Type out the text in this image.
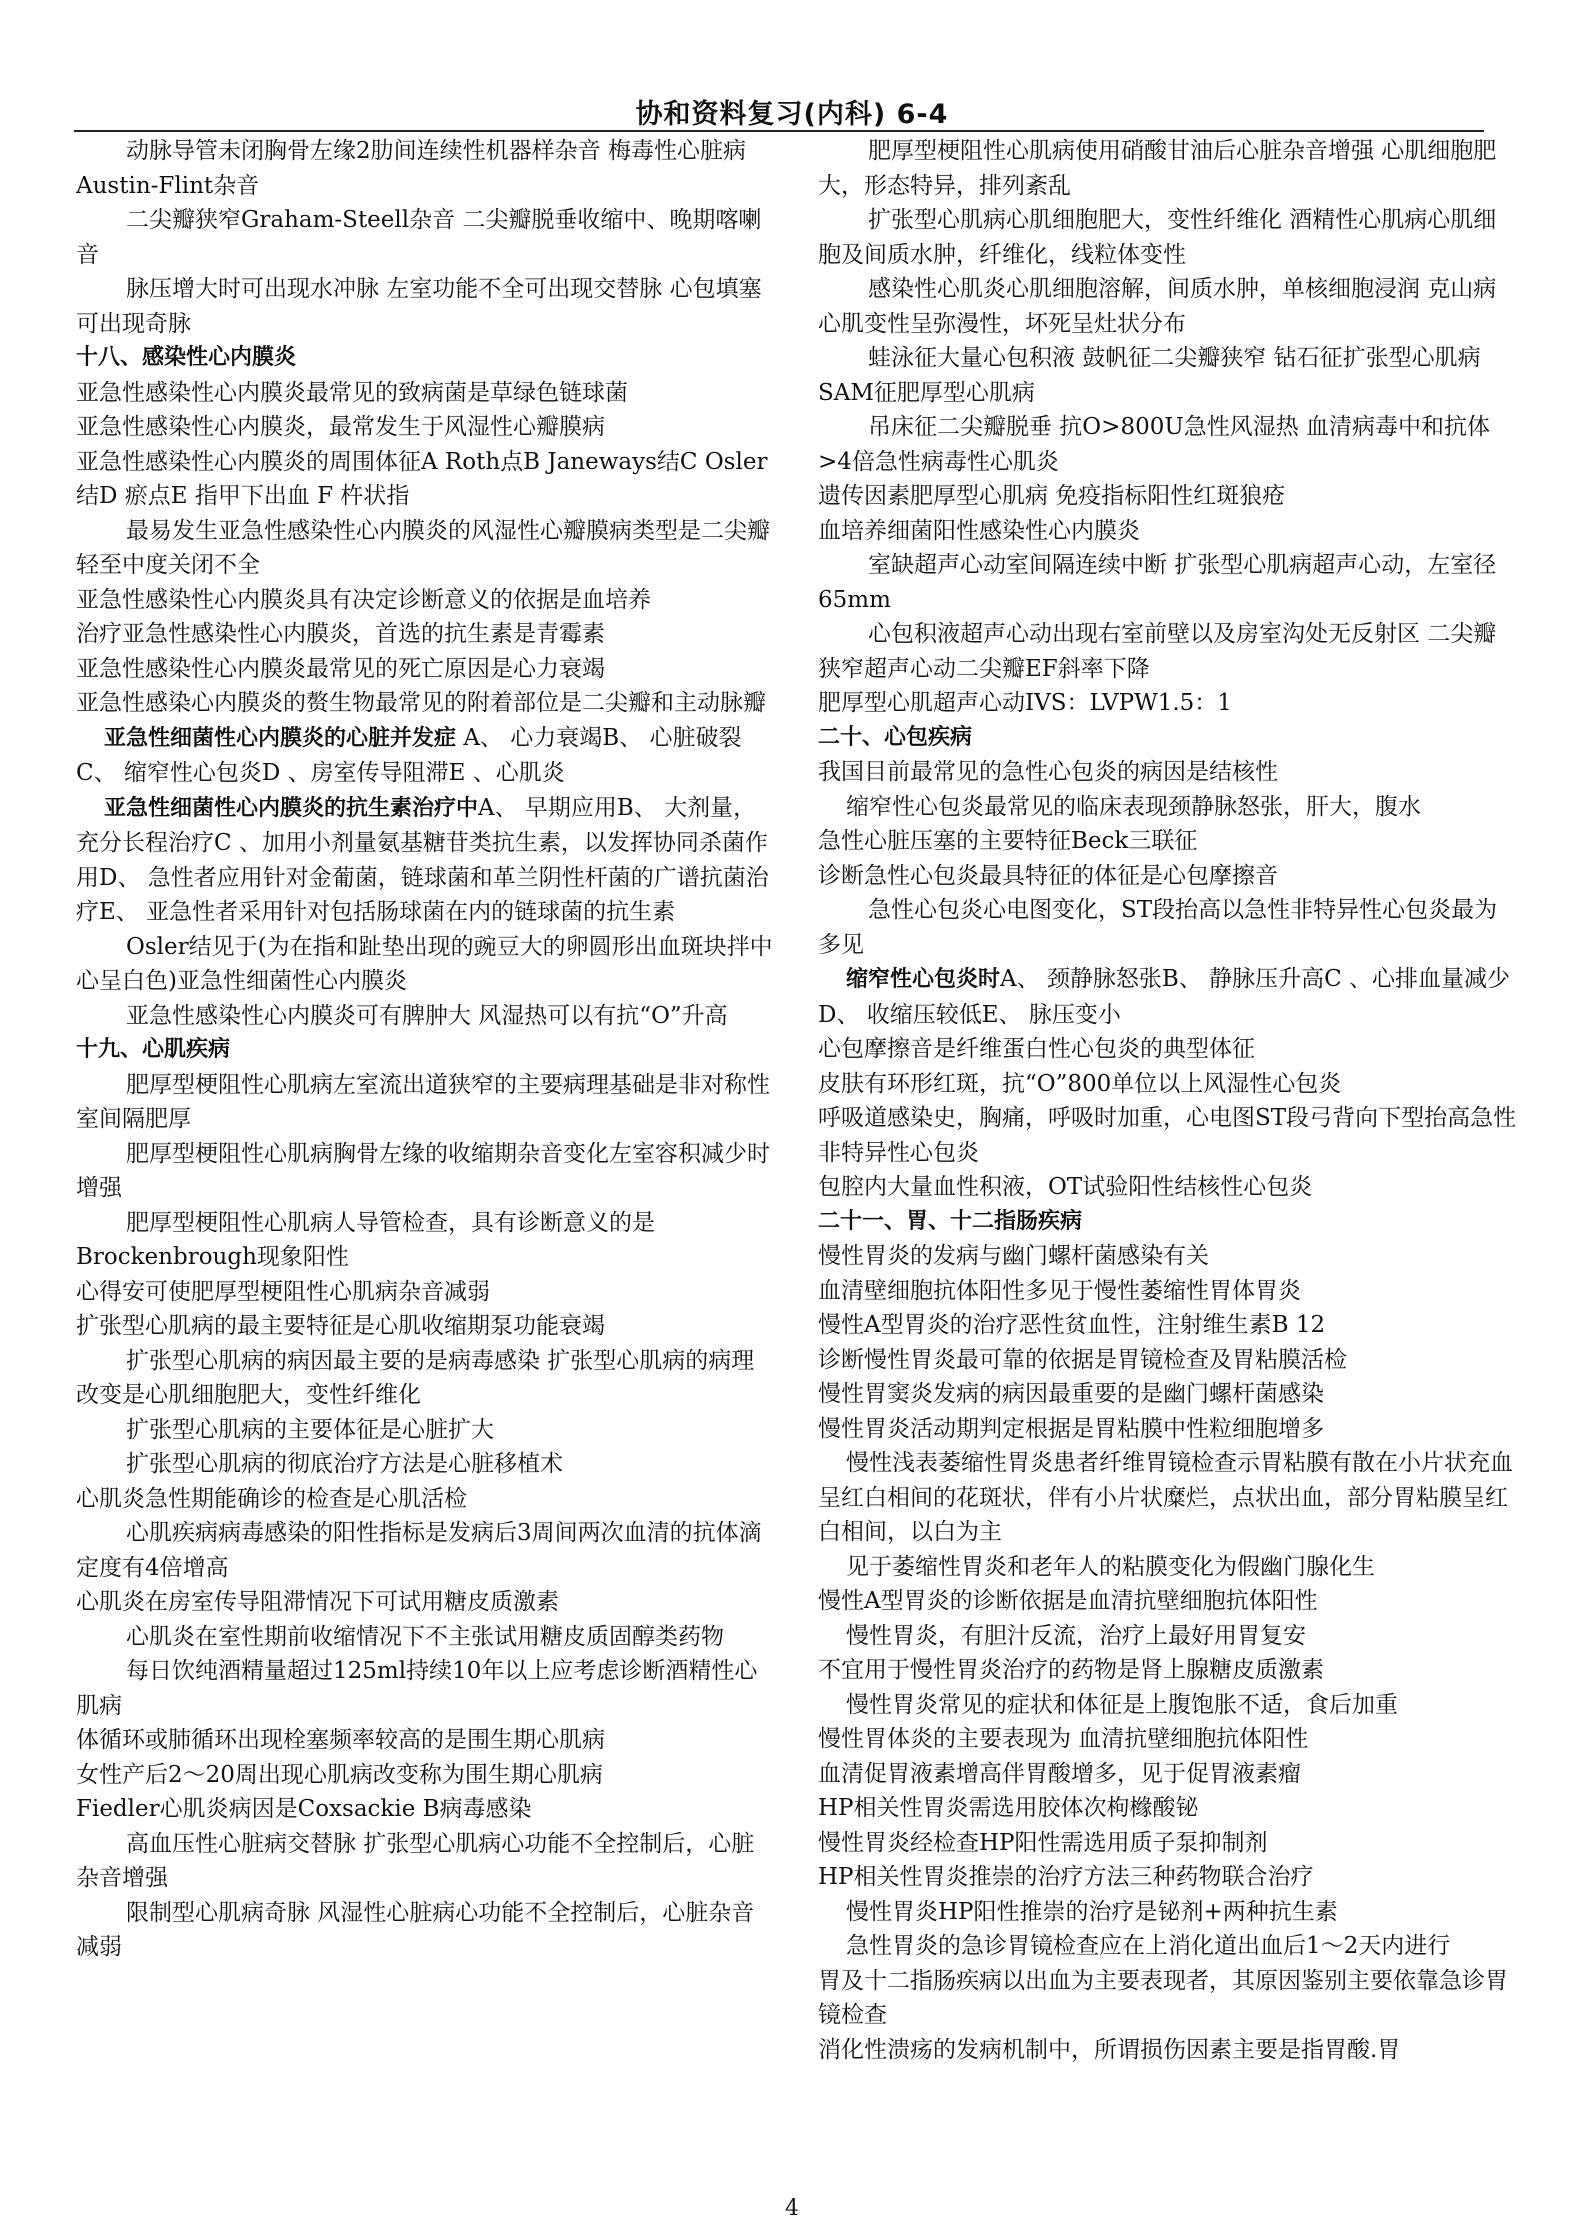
协和资料复习(内科) 6-4

动脉导管未闭胸骨左缘2肋间连续性机器样杂音 梅毒性心脏病Austin-Flint杂音

二尖瓣狭窄Graham-Steell杂音 二尖瓣脱垂收缩中、晚期喀喇音

脉压增大时可出现水冲脉 左室功能不全可出现交替脉 心包填塞可出现奇脉

十八、感染性心内膜炎

亚急性感染性心内膜炎最常见的致病菌是草绿色链球菌

亚急性感染性心内膜炎，最常发生于风湿性心瓣膜病

亚急性感染性心内膜炎的周围体征A Roth点B Janeways结C Osler结D 瘀点E 指甲下出血 F 杵状指

最易发生亚急性感染性心内膜炎的风湿性心瓣膜病类型是二尖瓣轻至中度关闭不全

亚急性感染性心内膜炎具有决定诊断意义的依据是血培养

治疗亚急性感染性心内膜炎，首选的抗生素是青霉素

亚急性感染性心内膜炎最常见的死亡原因是心力衰竭

亚急性感染心内膜炎的赘生物最常见的附着部位是二尖瓣和主动脉瓣

亚急性细菌性心内膜炎的心脏并发症 A、 心力衰竭B、 心脏破裂C、 缩窄性心包炎D 、房室传导阻滞E 、心肌炎

亚急性细菌性心内膜炎的抗生素治疗中A、 早期应用B、 大剂量，充分长程治疗C 、加用小剂量氨基糖苷类抗生素，以发挥协同杀菌作用D、 急性者应用针对金葡菌，链球菌和革兰阴性杆菌的广谱抗菌治疗E、 亚急性者采用针对包括肠球菌在内的链球菌的抗生素

Osler结见于(为在指和趾垫出现的豌豆大的卵圆形出血斑块拌中心呈白色)亚急性细菌性心内膜炎

亚急性感染性心内膜炎可有脾肿大 风湿热可以有抗“O”升高

十九、心肌疾病

肥厚型梗阻性心肌病左室流出道狭窄的主要病理基础是非对称性室间隔肥厚

肥厚型梗阻性心肌病胸骨左缘的收缩期杂音变化左室容积减少时增强

肥厚型梗阻性心肌病人导管检查，具有诊断意义的是Brockenbrough现象阳性

心得安可使肥厚型梗阻性心肌病杂音减弱

扩张型心肌病的最主要特征是心肌收缩期泵功能衰竭

扩张型心肌病的病因最主要的是病毒感染 扩张型心肌病的病理改变是心肌细胞肥大，变性纤维化

扩张型心肌病的主要体征是心脏扩大

扩张型心肌病的彻底治疗方法是心脏移植术

心肌炎急性期能确诊的检查是心肌活检

心肌疾病病毒感染的阳性指标是发病后3周间两次血清的抗体滴定度有4倍增高

心肌炎在房室传导阻滞情况下可试用糖皮质激素

心肌炎在室性期前收缩情况下不主张试用糖皮质固醇类药物

每日饮纯酒精量超过125ml持续10年以上应考虑诊断酒精性心肌病

体循环或肺循环出现栓塞频率较高的是围生期心肌病

女性产后2～20周出现心肌病改变称为围生期心肌病

Fiedler心肌炎病因是Coxsackie B病毒感染

高血压性心脏病交替脉 扩张型心肌病心功能不全控制后，心脏杂音增强

限制型心肌病奇脉 风湿性心脏病心功能不全控制后，心脏杂音减弱

肥厚型梗阻性心肌病使用硝酸甘油后心脏杂音增强 心肌细胞肥大，形态特异，排列紊乱

扩张型心肌病心肌细胞肥大，变性纤维化 酒精性心肌病心肌细胞及间质水肿，纤维化，线粒体变性

感染性心肌炎心肌细胞溶解，间质水肿，单核细胞浸润 克山病心肌变性呈弥漫性，坏死呈灶状分布

蛙泳征大量心包积液 鼓帆征二尖瓣狭窄 钻石征扩张型心肌病 SAM征肥厚型心肌病

吊床征二尖瓣脱垂 抗O>800U急性风湿热 血清病毒中和抗体>4倍急性病毒性心肌炎

遗传因素肥厚型心肌病 免疫指标阳性红斑狼疮

血培养细菌阳性感染性心内膜炎

室缺超声心动室间隔连续中断 扩张型心肌病超声心动，左室径65mm

心包积液超声心动出现右室前壁以及房室沟处无反射区 二尖瓣狭窄超声心动二尖瓣EF斜率下降

肥厚型心肌超声心动IVS：LVPW1.5：1

二十、心包疾病

我国目前最常见的急性心包炎的病因是结核性

缩窄性心包炎最常见的临床表现颈静脉怒张，肝大，腹水

急性心脏压塞的主要特征Beck三联征

诊断急性心包炎最具特征的体征是心包摩擦音

急性心包炎心电图变化，ST段抬高以急性非特异性心包炎最为多见

缩窄性心包炎时A、 颈静脉怒张B、 静脉压升高C 、心排血量减少D、 收缩压较低E、 脉压变小

心包摩擦音是纤维蛋白性心包炎的典型体征

皮肤有环形红斑，抗“O”800单位以上风湿性心包炎

呼吸道感染史，胸痛，呼吸时加重，心电图ST段弓背向下型抬高急性非特异性心包炎

包腔内大量血性积液，OT试验阳性结核性心包炎

二十一、胃、十二指肠疾病

慢性胃炎的发病与幽门螺杆菌感染有关

血清壁细胞抗体阳性多见于慢性萎缩性胃体胃炎

慢性A型胃炎的治疗恶性贫血性，注射维生素B 12

诊断慢性胃炎最可靠的依据是胃镜检查及胃粘膜活检

慢性胃窦炎发病的病因最重要的是幽门螺杆菌感染

慢性胃炎活动期判定根据是胃粘膜中性粒细胞增多

慢性浅表萎缩性胃炎患者纤维胃镜检查示胃粘膜有散在小片状充血呈红白相间的花斑状，伴有小片状糜烂，点状出血，部分胃粘膜呈红白相间，以白为主

见于萎缩性胃炎和老年人的粘膜变化为假幽门腺化生

慢性A型胃炎的诊断依据是血清抗壁细胞抗体阳性

慢性胃炎，有胆汁反流，治疗上最好用胃复安

不宜用于慢性胃炎治疗的药物是肾上腺糖皮质激素

慢性胃炎常见的症状和体征是上腹饱胀不适，食后加重

慢性胃体炎的主要表现为 血清抗壁细胞抗体阳性

血清促胃液素增高伴胃酸增多，见于促胃液素瘤

HP相关性胃炎需选用胶体次枸橼酸铋

慢性胃炎经检查HP阳性需选用质子泵抑制剂

HP相关性胃炎推崇的治疗方法三种药物联合治疗

慢性胃炎HP阳性推崇的治疗是铋剂+两种抗生素

急性胃炎的急诊胃镜检查应在上消化道出血后1～2天内进行

胃及十二指肠疾病以出血为主要表现者，其原因鉴别主要依靠急诊胃镜检查

消化性溃疡的发病机制中，所谓损伤因素主要是指胃酸.胃

4
